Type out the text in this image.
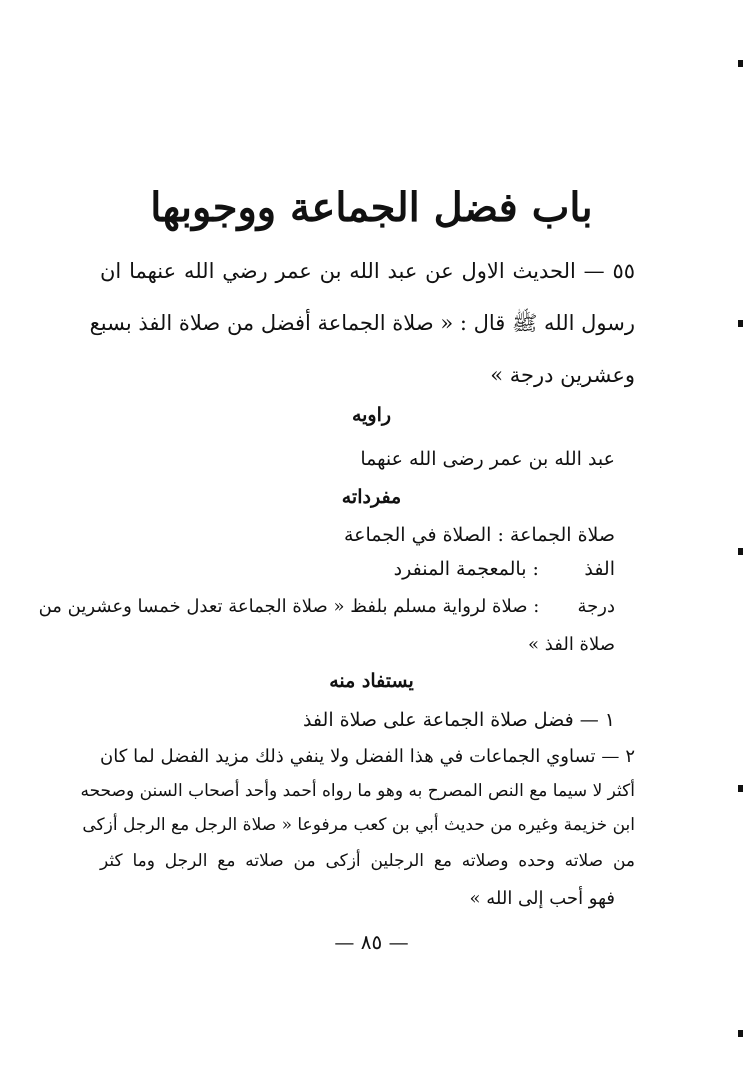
باب فضل الجماعة ووجوبها
٥٥ — الحديث الاول عن عبد الله بن عمر رضي الله عنهما ان
رسول الله ﷺ قال : « صلاة الجماعة أفضل من صلاة الفذ بسبع
وعشرين درجة »
راويه
عبد الله بن عمر رضى الله عنهما
مفرداته
صلاة الجماعة : الصلاة في الجماعة
الفذ : بالمعجمة المنفرد
درجة : صلاة لرواية مسلم بلفظ « صلاة الجماعة تعدل خمسا وعشرين من
صلاة الفذ »
يستفاد منه
١ — فضل صلاة الجماعة على صلاة الفذ
٢ — تساوي الجماعات في هذا الفضل ولا ينفي ذلك مزيد الفضل لما كان
أكثر لا سيما مع النص المصرح به وهو ما رواه أحمد وأحد أصحاب السنن وصححه
ابن خزيمة وغيره من حديث أبي بن كعب مرفوعا « صلاة الرجل مع الرجل أزكى
من صلاته وحده وصلاته مع الرجلين أزكى من صلاته مع الرجل وما كثر
فهو أحب إلى الله »
— ٨٥ —
